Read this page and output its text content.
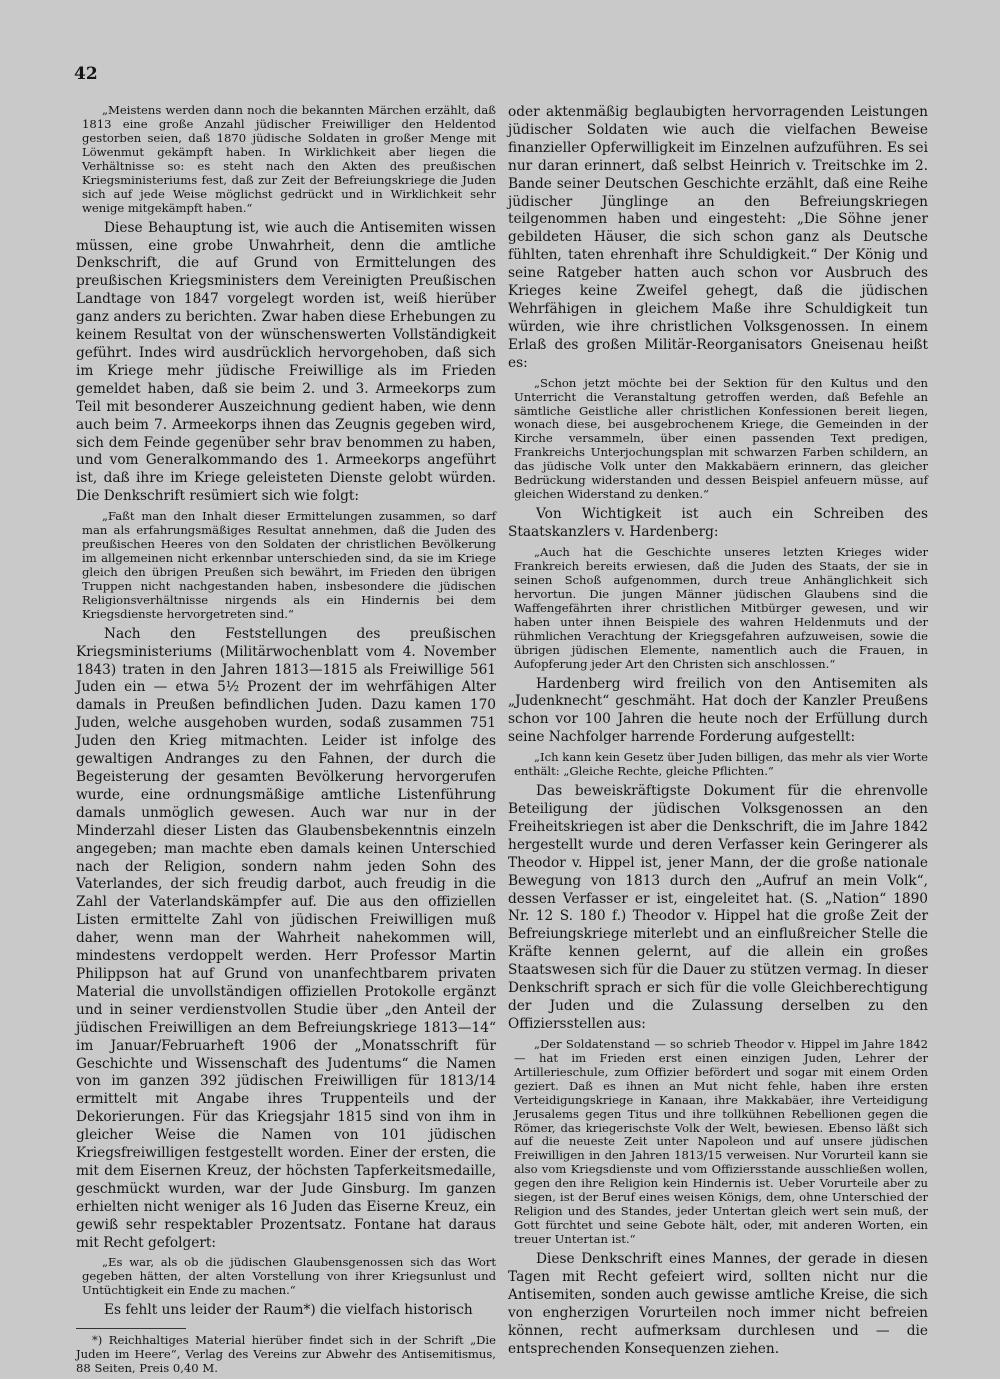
42

„Meistens werden dann noch die bekannten Märchen erzählt, daß 1813 eine große Anzahl jüdischer Freiwilliger den Heldentod gestorben seien, daß 1870 jüdische Soldaten in großer Menge mit Löwenmut gekämpft haben. In Wirklichkeit aber liegen die Verhältnisse so: es steht nach den Akten des preußischen Kriegsministeriums fest, daß zur Zeit der Befreiungskriege die Juden sich auf jede Weise möglichst gedrückt und in Wirklichkeit sehr wenige mitgekämpft haben.“

Diese Behauptung ist, wie auch die Antisemiten wissen müssen, eine grobe Unwahrheit, denn die amtliche Denkschrift, die auf Grund von Ermittelungen des preußischen Kriegsministers dem Vereinigten Preußischen Landtage von 1847 vorgelegt worden ist, weiß hierüber ganz anders zu berichten. Zwar haben diese Erhebungen zu keinem Resultat von der wünschenswerten Vollständigkeit geführt. Indes wird ausdrücklich hervorgehoben, daß sich im Kriege mehr jüdische Freiwillige als im Frieden gemeldet haben, daß sie beim 2. und 3. Armeekorps zum Teil mit besonderer Auszeichnung gedient haben, wie denn auch beim 7. Armeekorps ihnen das Zeugnis gegeben wird, sich dem Feinde gegenüber sehr brav benommen zu haben, und vom Generalkommando des 1. Armeekorps angeführt ist, daß ihre im Kriege geleisteten Dienste gelobt würden. Die Denkschrift resümiert sich wie folgt:

„Faßt man den Inhalt dieser Ermittelungen zusammen, so darf man als erfahrungsmäßiges Resultat annehmen, daß die Juden des preußischen Heeres von den Soldaten der christlichen Bevölkerung im allgemeinen nicht erkennbar unterschieden sind, da sie im Kriege gleich den übrigen Preußen sich bewährt, im Frieden den übrigen Truppen nicht nachgestanden haben, insbesondere die jüdischen Religionsverhältnisse nirgends als ein Hindernis bei dem Kriegsdienste hervorgetreten sind.“

Nach den Feststellungen des preußischen Kriegsministeriums (Militärwochenblatt vom 4. November 1843) traten in den Jahren 1813—1815 als Freiwillige 561 Juden ein — etwa 5½ Prozent der im wehrfähigen Alter damals in Preußen befindlichen Juden. Dazu kamen 170 Juden, welche ausgehoben wurden, sodaß zusammen 751 Juden den Krieg mitmachten. Leider ist infolge des gewaltigen Andranges zu den Fahnen, der durch die Begeisterung der gesamten Bevölkerung hervorgerufen wurde, eine ordnungsmäßige amtliche Listenführung damals unmöglich gewesen. Auch war nur in der Minderzahl dieser Listen das Glaubensbekenntnis einzeln angegeben; man machte eben damals keinen Unterschied nach der Religion, sondern nahm jeden Sohn des Vaterlandes, der sich freudig darbot, auch freudig in die Zahl der Vaterlandskämpfer auf. Die aus den offiziellen Listen ermittelte Zahl von jüdischen Freiwilligen muß daher, wenn man der Wahrheit nahekommen will, mindestens verdoppelt werden. Herr Professor Martin Philippson hat auf Grund von unanfechtbarem privaten Material die unvollständigen offiziellen Protokolle ergänzt und in seiner verdienstvollen Studie über „den Anteil der jüdischen Freiwilligen an dem Befreiungskriege 1813—14“ im Januar/Februarheft 1906 der „Monatsschrift für Geschichte und Wissenschaft des Judentums“ die Namen von im ganzen 392 jüdischen Freiwilligen für 1813/14 ermittelt mit Angabe ihres Truppenteils und der Dekorierungen. Für das Kriegsjahr 1815 sind von ihm in gleicher Weise die Namen von 101 jüdischen Kriegsfreiwilligen festgestellt worden. Einer der ersten, die mit dem Eisernen Kreuz, der höchsten Tapferkeitsmedaille, geschmückt wurden, war der Jude Ginsburg. Im ganzen erhielten nicht weniger als 16 Juden das Eiserne Kreuz, ein gewiß sehr respektabler Prozentsatz. Fontane hat daraus mit Recht gefolgert:

„Es war, als ob die jüdischen Glaubensgenossen sich das Wort gegeben hätten, der alten Vorstellung von ihrer Kriegsunlust und Untüchtigkeit ein Ende zu machen.“

Es fehlt uns leider der Raum*) die vielfach historisch

*) Reichhaltiges Material hierüber findet sich in der Schrift „Die Juden im Heere“, Verlag des Vereins zur Abwehr des Antisemitismus, 88 Seiten, Preis 0,40 M.

oder aktenmäßig beglaubigten hervorragenden Leistungen jüdischer Soldaten wie auch die vielfachen Beweise finanzieller Opferwilligkeit im Einzelnen aufzuführen. Es sei nur daran erinnert, daß selbst Heinrich v. Treitschke im 2. Bande seiner Deutschen Geschichte erzählt, daß eine Reihe jüdischer Jünglinge an den Befreiungskriegen teilgenommen haben und eingesteht: „Die Söhne jener gebildeten Häuser, die sich schon ganz als Deutsche fühlten, taten ehrenhaft ihre Schuldigkeit.“ Der König und seine Ratgeber hatten auch schon vor Ausbruch des Krieges keine Zweifel gehegt, daß die jüdischen Wehrfähigen in gleichem Maße ihre Schuldigkeit tun würden, wie ihre christlichen Volksgenossen. In einem Erlaß des großen Militär-Reorganisators Gneisenau heißt es:

„Schon jetzt möchte bei der Sektion für den Kultus und den Unterricht die Veranstaltung getroffen werden, daß Befehle an sämtliche Geistliche aller christlichen Konfessionen bereit liegen, wonach diese, bei ausgebrochenem Kriege, die Gemeinden in der Kirche versammeln, über einen passenden Text predigen, Frankreichs Unterjochungsplan mit schwarzen Farben schildern, an das jüdische Volk unter den Makkabäern erinnern, das gleicher Bedrückung widerstanden und dessen Beispiel anfeuern müsse, auf gleichen Widerstand zu denken.“

Von Wichtigkeit ist auch ein Schreiben des Staatskanzlers v. Hardenberg:

„Auch hat die Geschichte unseres letzten Krieges wider Frankreich bereits erwiesen, daß die Juden des Staats, der sie in seinen Schoß aufgenommen, durch treue Anhänglichkeit sich hervortun. Die jungen Männer jüdischen Glaubens sind die Waffengefährten ihrer christlichen Mitbürger gewesen, und wir haben unter ihnen Beispiele des wahren Heldenmuts und der rühmlichen Verachtung der Kriegsgefahren aufzuweisen, sowie die übrigen jüdischen Elemente, namentlich auch die Frauen, in Aufopferung jeder Art den Christen sich anschlossen.“

Hardenberg wird freilich von den Antisemiten als „Judenknecht“ geschmäht. Hat doch der Kanzler Preußens schon vor 100 Jahren die heute noch der Erfüllung durch seine Nachfolger harrende Forderung aufgestellt:

„Ich kann kein Gesetz über Juden billigen, das mehr als vier Worte enthält: „Gleiche Rechte, gleiche Pflichten.“

Das beweiskräftigste Dokument für die ehrenvolle Beteiligung der jüdischen Volksgenossen an den Freiheitskriegen ist aber die Denkschrift, die im Jahre 1842 hergestellt wurde und deren Verfasser kein Geringerer als Theodor v. Hippel ist, jener Mann, der die große nationale Bewegung von 1813 durch den „Aufruf an mein Volk“, dessen Verfasser er ist, eingeleitet hat. (S. „Nation“ 1890 Nr. 12 S. 180 f.) Theodor v. Hippel hat die große Zeit der Befreiungskriege miterlebt und an einflußreicher Stelle die Kräfte kennen gelernt, auf die allein ein großes Staatswesen sich für die Dauer zu stützen vermag. In dieser Denkschrift sprach er sich für die volle Gleichberechtigung der Juden und die Zulassung derselben zu den Offiziersstellen aus:

„Der Soldatenstand — so schrieb Theodor v. Hippel im Jahre 1842 — hat im Frieden erst einen einzigen Juden, Lehrer der Artillerieschule, zum Offizier befördert und sogar mit einem Orden geziert. Daß es ihnen an Mut nicht fehle, haben ihre ersten Verteidigungskriege in Kanaan, ihre Makkabäer, ihre Verteidigung Jerusalems gegen Titus und ihre tollkühnen Rebellionen gegen die Römer, das kriegerischste Volk der Welt, bewiesen. Ebenso läßt sich auf die neueste Zeit unter Napoleon und auf unsere jüdischen Freiwilligen in den Jahren 1813/15 verweisen. Nur Vorurteil kann sie also vom Kriegsdienste und vom Offiziersstande ausschließen wollen, gegen den ihre Religion kein Hindernis ist. Ueber Vorurteile aber zu siegen, ist der Beruf eines weisen Königs, dem, ohne Unterschied der Religion und des Standes, jeder Untertan gleich wert sein muß, der Gott fürchtet und seine Gebote hält, oder, mit anderen Worten, ein treuer Untertan ist.“

Diese Denkschrift eines Mannes, der gerade in diesen Tagen mit Recht gefeiert wird, sollten nicht nur die Antisemiten, sonden auch gewisse amtliche Kreise, die sich von engherzigen Vorurteilen noch immer nicht befreien können, recht aufmerksam durchlesen und — die entsprechenden Konsequenzen ziehen.
